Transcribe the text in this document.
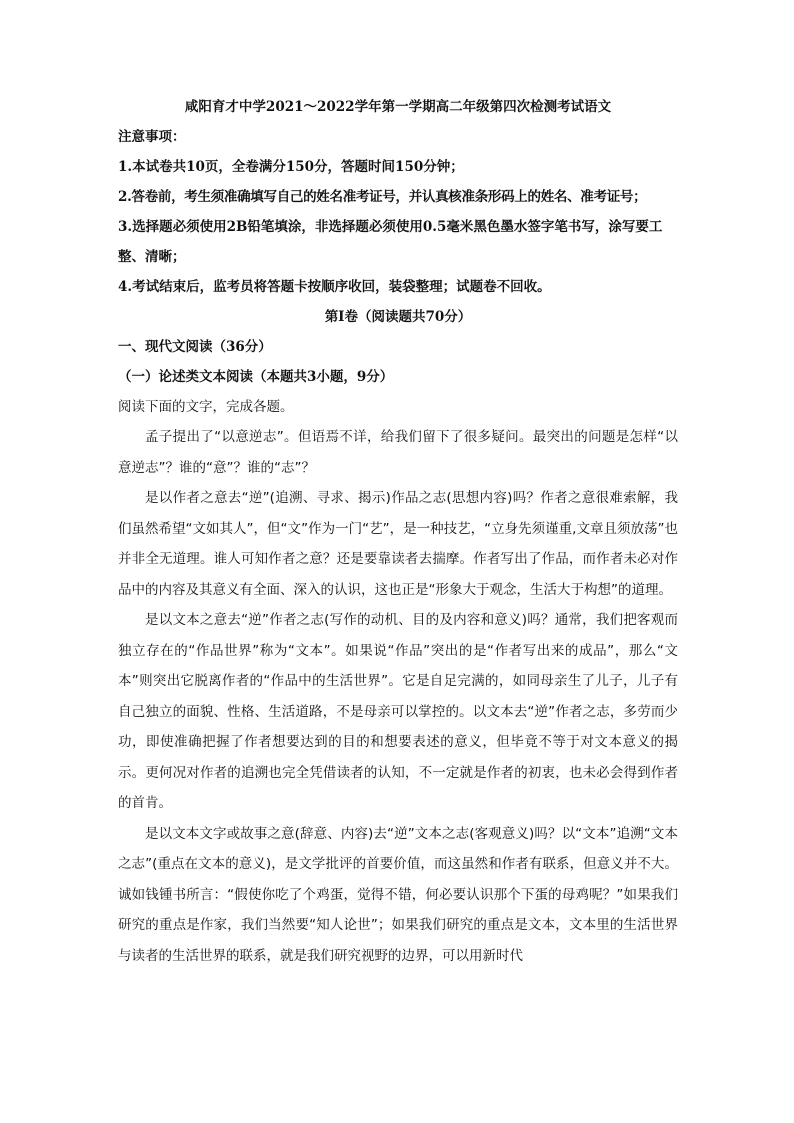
咸阳育才中学2021～2022学年第一学期高二年级第四次检测考试语文

注意事项：

1.本试卷共10页，全卷满分150分，答题时间150分钟；

2.答卷前，考生须准确填写自己的姓名准考证号，并认真核准条形码上的姓名、准考证号；

3.选择题必须使用2B铅笔填涂，非选择题必须使用0.5毫米黑色墨水签字笔书写，涂写要工整、清晰；

4.考试结束后，监考员将答题卡按顺序收回，装袋整理；试题卷不回收。

第Ⅰ卷（阅读题共70分）

一、现代文阅读（36分）

（一）论述类文本阅读（本题共3小题，9分）

阅读下面的文字，完成各题。

孟子提出了“以意逆志”。但语焉不详，给我们留下了很多疑问。最突出的问题是怎样“以意逆志”？谁的“意”？谁的“志”？

是以作者之意去“逆”(追溯、寻求、揭示)作品之志(思想内容)吗？作者之意很难索解，我们虽然希望“文如其人”，但“文”作为一门“艺”，是一种技艺，“立身先须谨重,文章且须放荡”也并非全无道理。谁人可知作者之意？还是要靠读者去揣摩。作者写出了作品，而作者未必对作品中的内容及其意义有全面、深入的认识，这也正是“形象大于观念，生活大于构想”的道理。

是以文本之意去“逆”作者之志(写作的动机、目的及内容和意义)吗？通常，我们把客观而独立存在的“作品世界”称为“文本”。如果说“作品”突出的是“作者写出来的成品”，那么“文本”则突出它脱离作者的“作品中的生活世界”。它是自足完满的，如同母亲生了儿子，儿子有自己独立的面貌、性格、生活道路，不是母亲可以掌控的。以文本去“逆”作者之志，多劳而少功，即使准确把握了作者想要达到的目的和想要表述的意义，但毕竟不等于对文本意义的揭示。更何况对作者的追溯也完全凭借读者的认知，不一定就是作者的初衷，也未必会得到作者的首肯。

是以文本文字或故事之意(辞意、内容)去“逆”文本之志(客观意义)吗？以“文本”追溯“文本之志”(重点在文本的意义)，是文学批评的首要价值，而这虽然和作者有联系，但意义并不大。诚如钱锺书所言：“假使你吃了个鸡蛋，觉得不错，何必要认识那个下蛋的母鸡呢？”如果我们研究的重点是作家，我们当然要“知人论世”；如果我们研究的重点是文本，文本里的生活世界与读者的生活世界的联系，就是我们研究视野的边界，可以用新时代
